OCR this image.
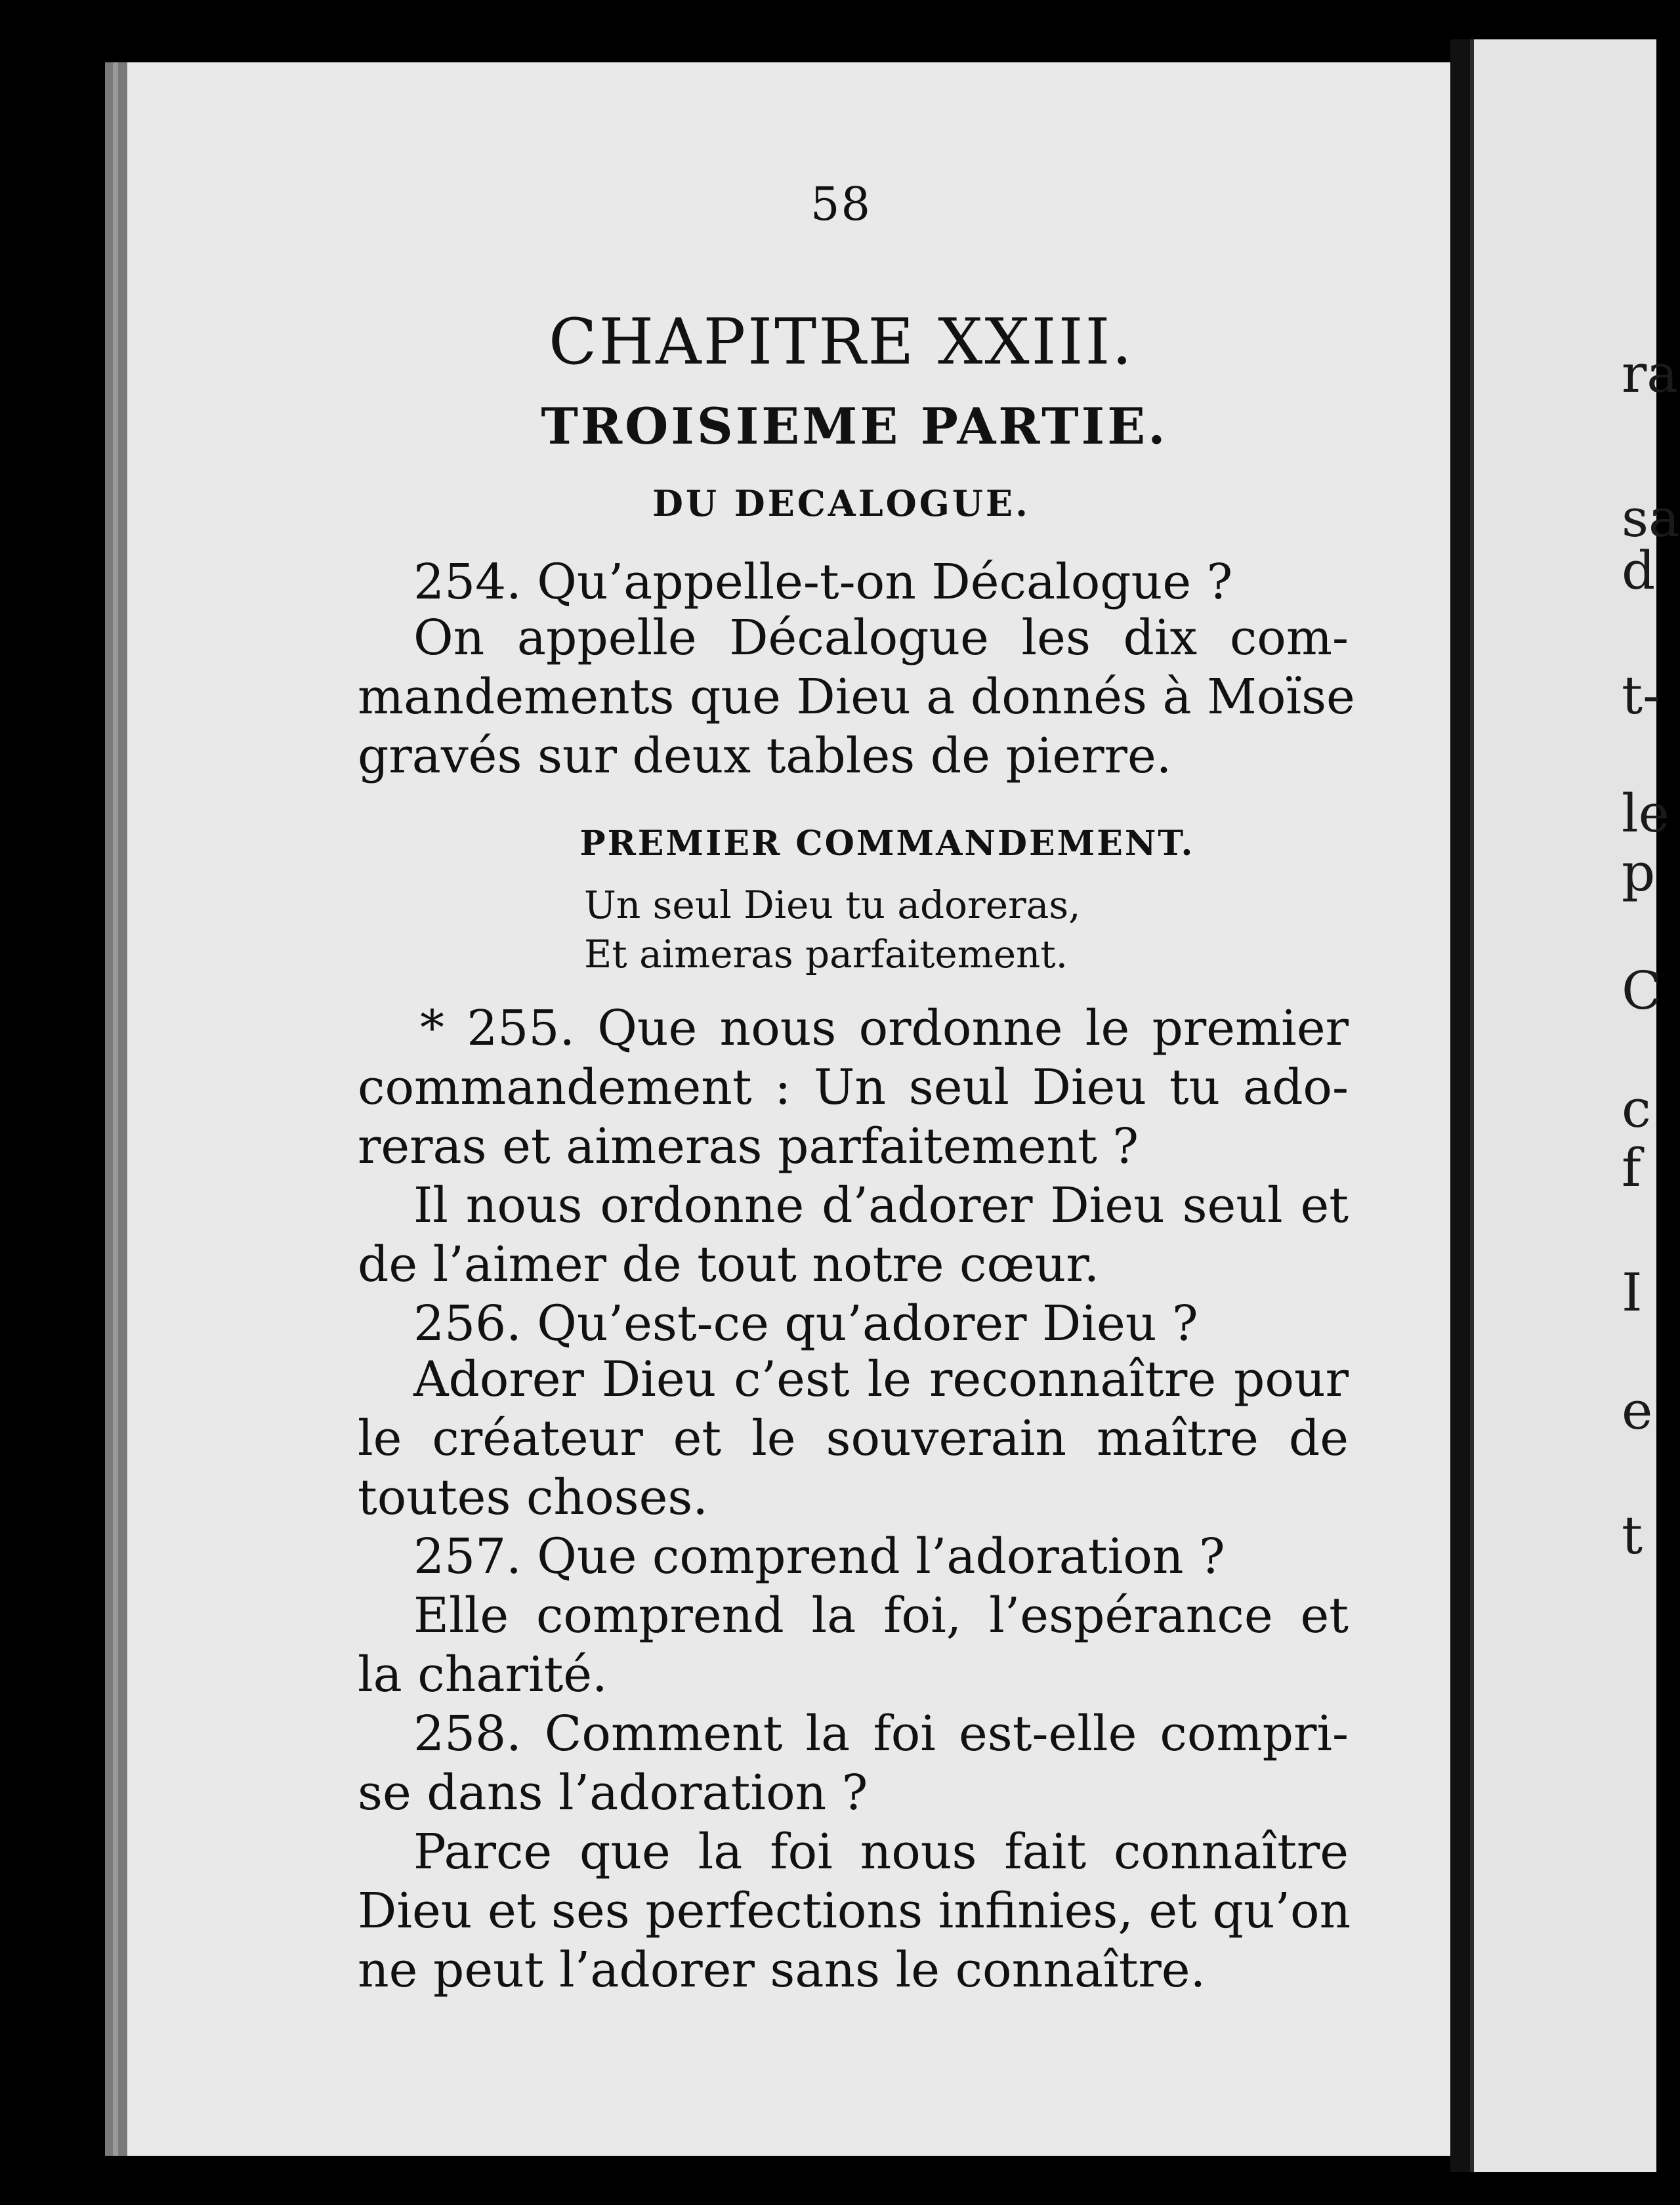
ra
sa
d
t-
le
p
C
c
f
I
e
t
58
CHAPITRE XXIII.
TROISIEME PARTIE.
DU DECALOGUE.
254. Qu’appelle-t-on Décalogue ?
On appelle Décalogue les dix com-
mandements que Dieu a donnés à Moïse
gravés sur deux tables de pierre.
PREMIER COMMANDEMENT.
Un seul Dieu tu adoreras,
Et aimeras parfaitement.
* 255. Que nous ordonne le premier
commandement : Un seul Dieu tu ado-
reras et aimeras parfaitement ?
Il nous ordonne d’adorer Dieu seul et
de l’aimer de tout notre cœur.
256. Qu’est-ce qu’adorer Dieu ?
Adorer Dieu c’est le reconnaître pour
le créateur et le souverain maître de
toutes choses.
257. Que comprend l’adoration ?
Elle comprend la foi, l’espérance et
la charité.
258. Comment la foi est-elle compri-
se dans l’adoration ?
Parce que la foi nous fait connaître
Dieu et ses perfections infinies, et qu’on
ne peut l’adorer sans le connaître.
